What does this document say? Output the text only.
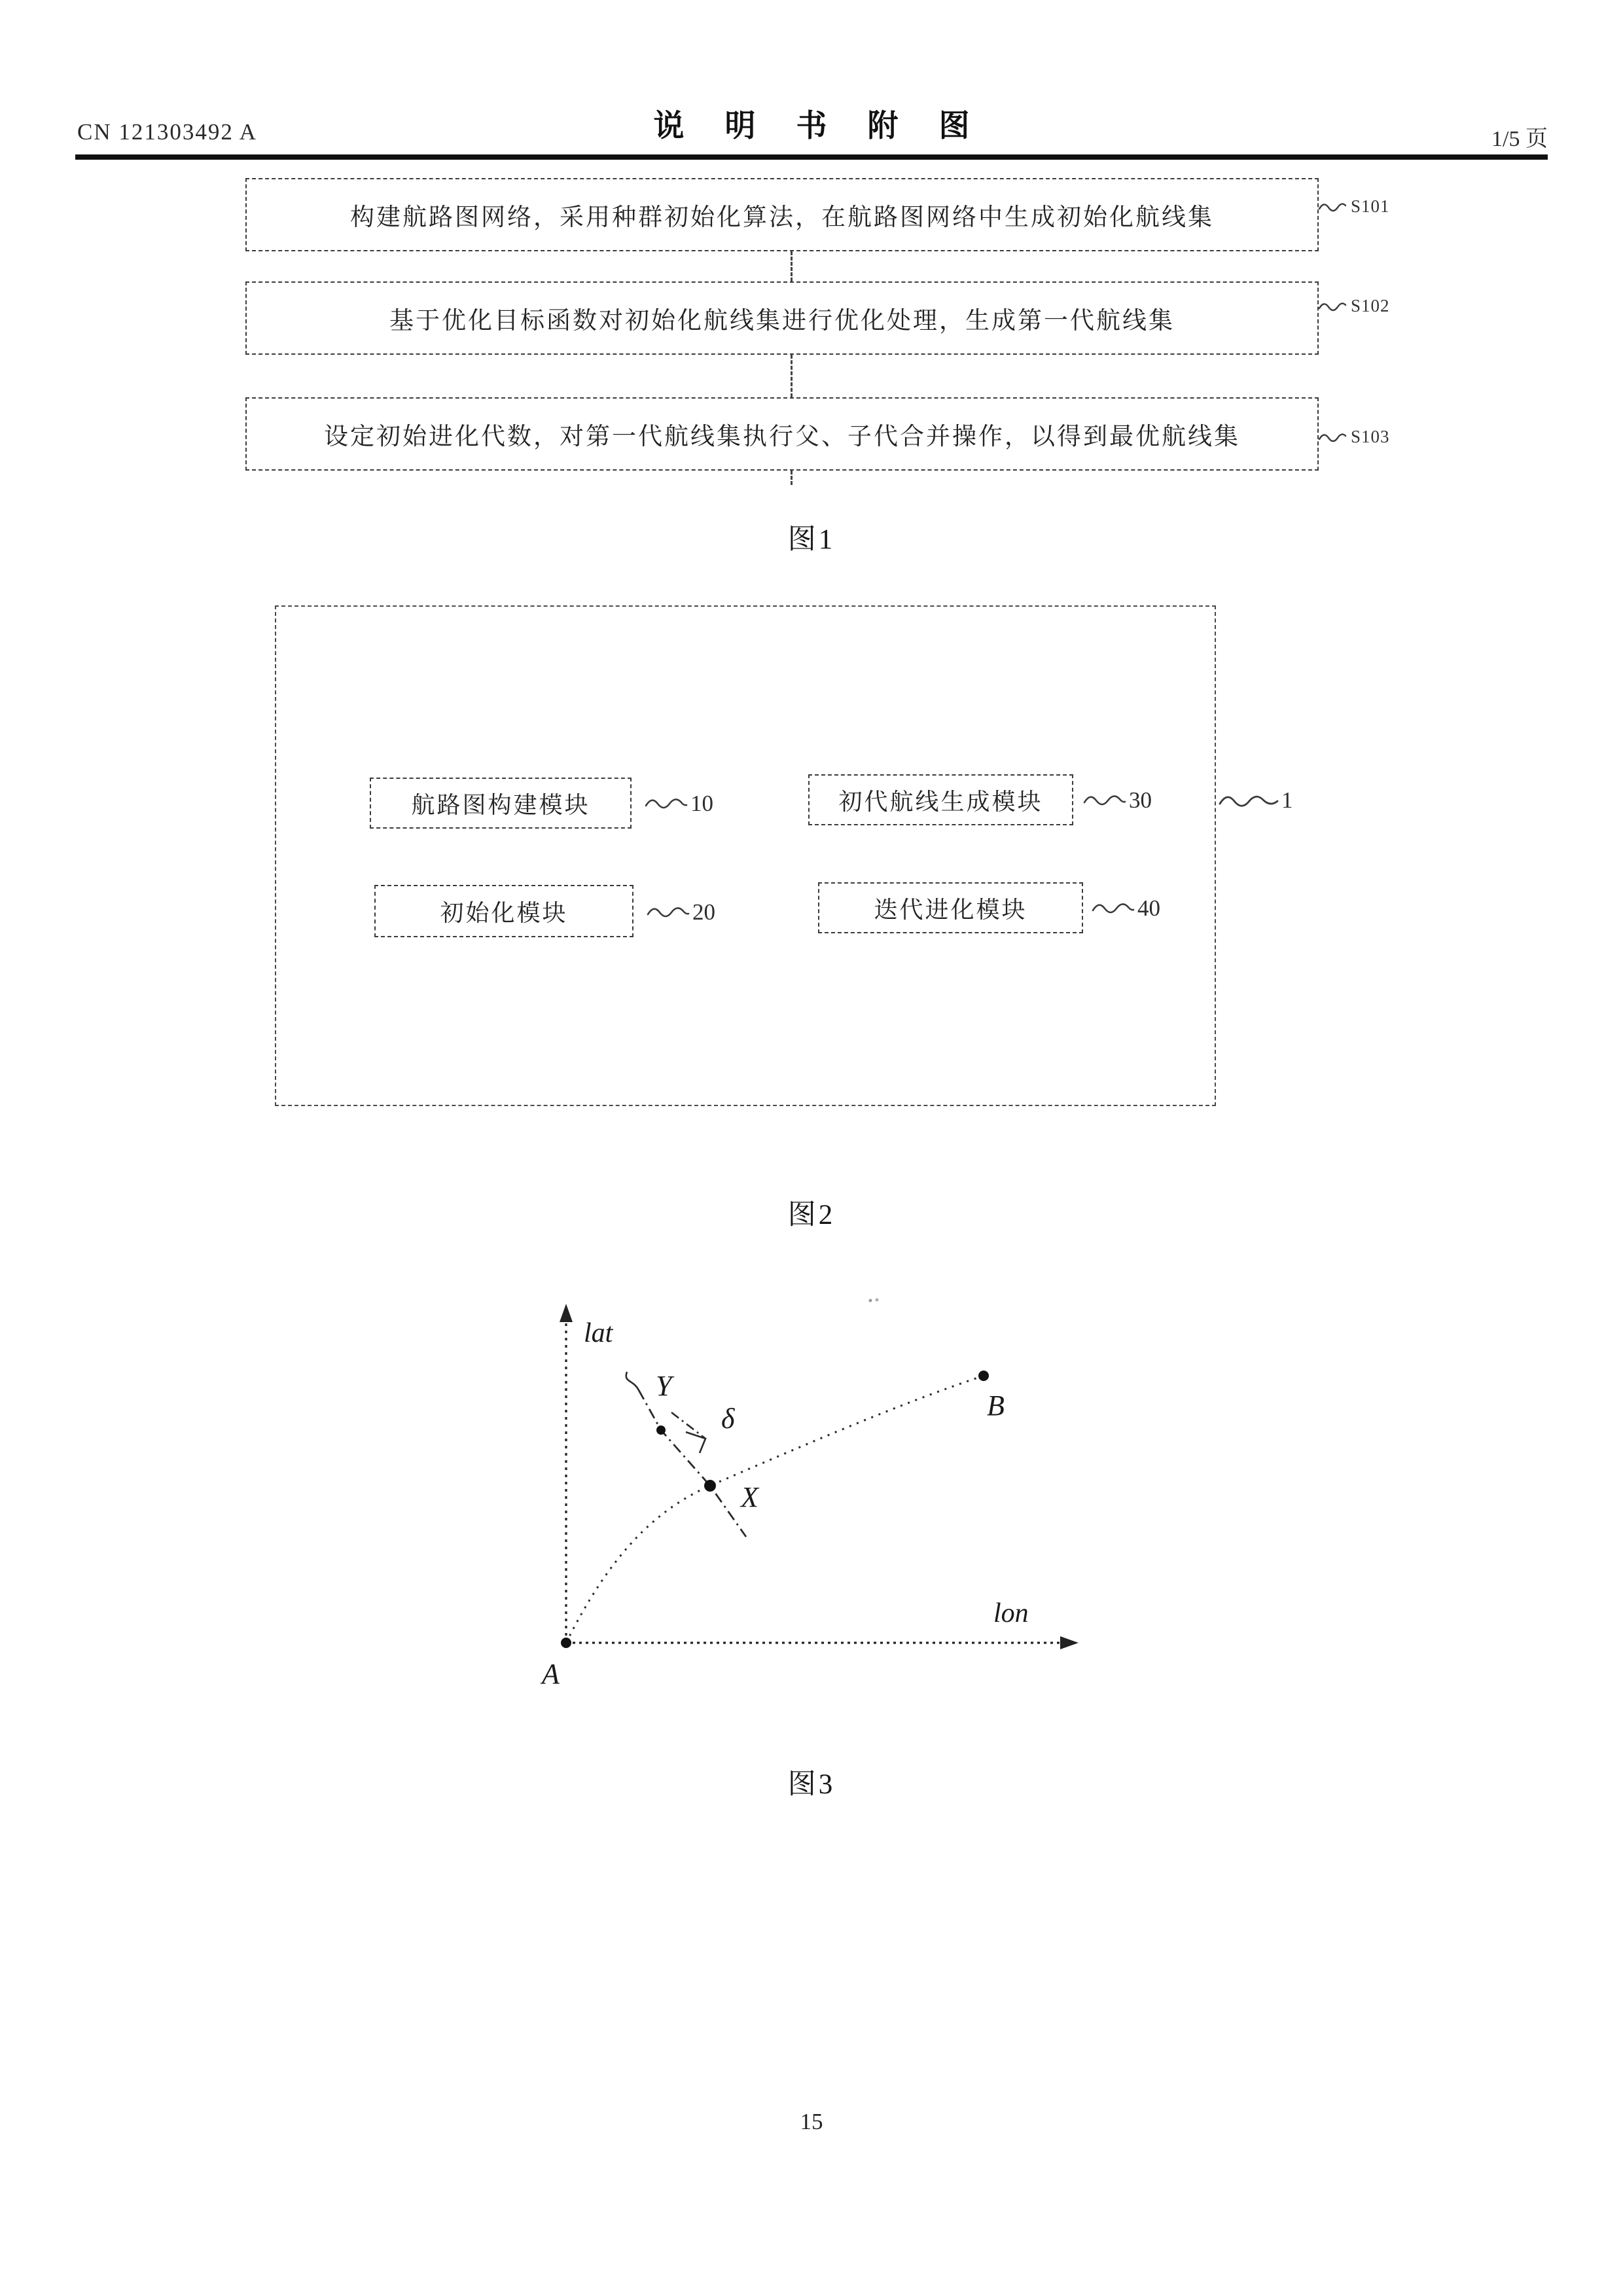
CN 121303492 A	说明书附图	1/5 页
构建航路图网络，采用种群初始化算法，在航路图网络中生成初始化航线集
基于优化目标函数对初始化航线集进行优化处理，生成第一代航线集
设定初始进化代数，对第一代航线集执行父、子代合并操作，以得到最优航线集
S101
S102
S103
图1
航路图构建模块	10	初代航线生成模块	30
初始化模块	20	迭代进化模块	40
1
图2
lat
lon
A
B
X
Y
δ
图3
15
